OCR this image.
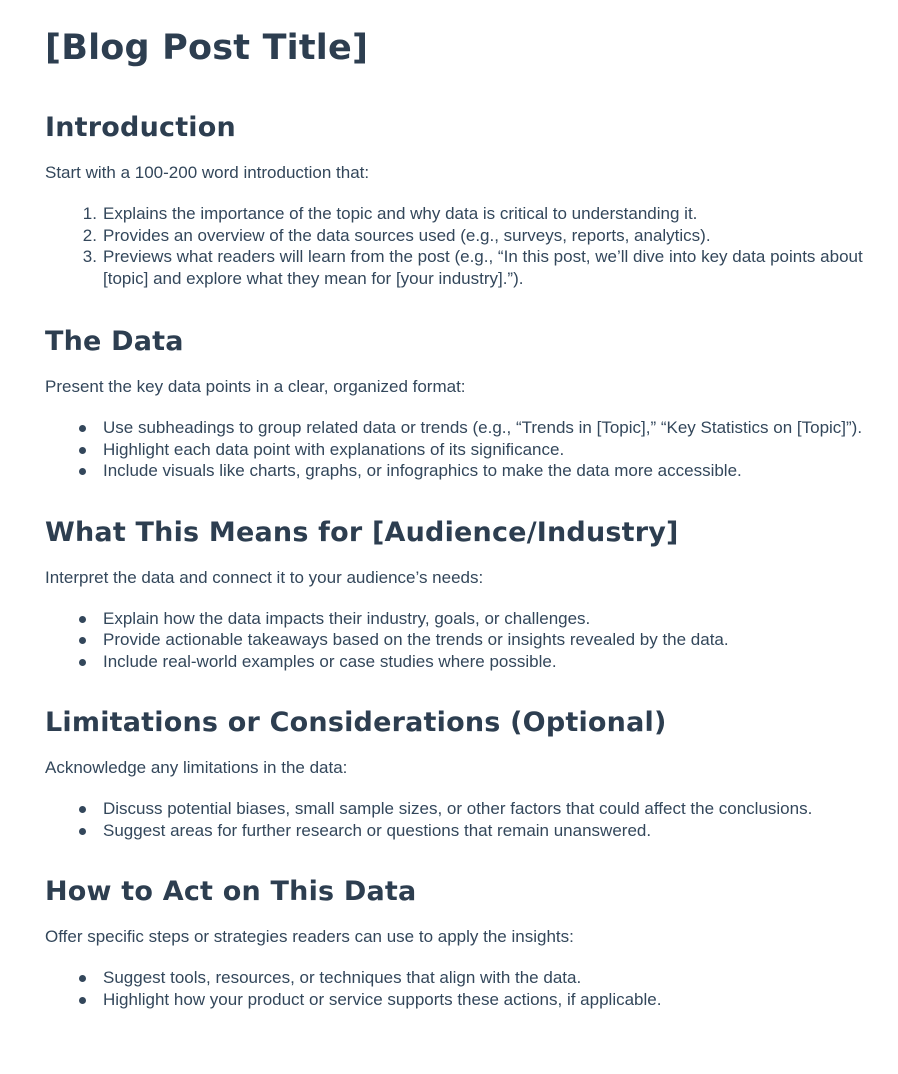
[Blog Post Title]
Introduction

Start with a 100-200 word introduction that:

Explains the importance of the topic and why data is critical to understanding it.
Provides an overview of the data sources used (e.g., surveys, reports, analytics).
Previews what readers will learn from the post (e.g., “In this post, we’ll dive into key data points about [topic] and explore what they mean for [your industry].”).
The Data

Present the key data points in a clear, organized format:

Use subheadings to group related data or trends (e.g., “Trends in [Topic],” “Key Statistics on [Topic]”).
Highlight each data point with explanations of its significance.
Include visuals like charts, graphs, or infographics to make the data more accessible.
What This Means for [Audience/Industry]

Interpret the data and connect it to your audience’s needs:

Explain how the data impacts their industry, goals, or challenges.
Provide actionable takeaways based on the trends or insights revealed by the data.
Include real-world examples or case studies where possible.
Limitations or Considerations (Optional)

Acknowledge any limitations in the data:

Discuss potential biases, small sample sizes, or other factors that could affect the conclusions.
Suggest areas for further research or questions that remain unanswered.
How to Act on This Data

Offer specific steps or strategies readers can use to apply the insights:

Suggest tools, resources, or techniques that align with the data.
Highlight how your product or service supports these actions, if applicable.
